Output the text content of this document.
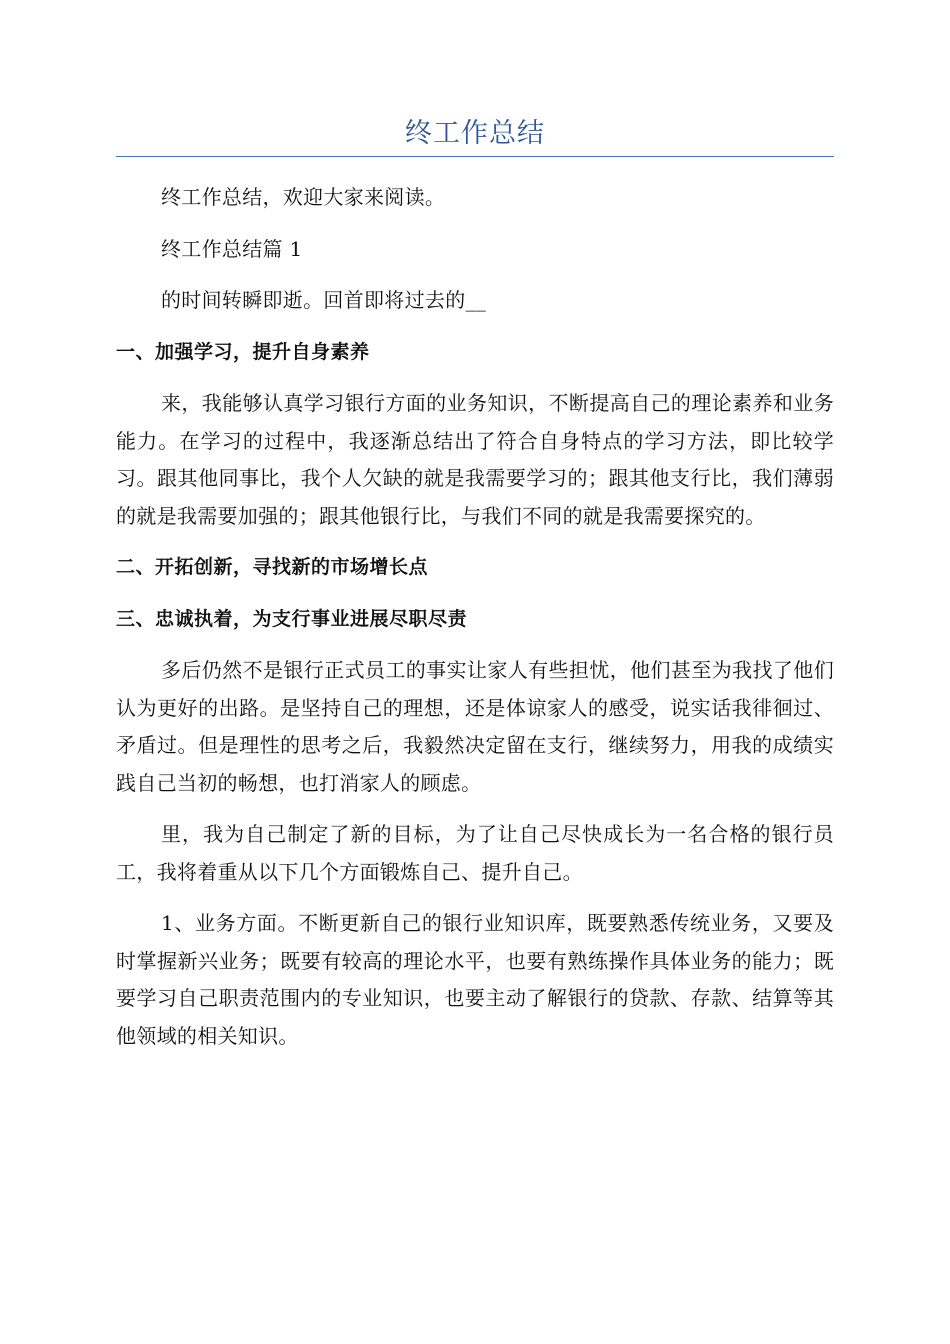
终工作总结

终工作总结，欢迎大家来阅读。

终工作总结篇 1

的时间转瞬即逝。回首即将过去的__

一、加强学习，提升自身素养

来，我能够认真学习银行方面的业务知识，不断提高自己的理论素养和业务能力。在学习的过程中，我逐渐总结出了符合自身特点的学习方法，即比较学习。跟其他同事比，我个人欠缺的就是我需要学习的；跟其他支行比，我们薄弱的就是我需要加强的；跟其他银行比，与我们不同的就是我需要探究的。

二、开拓创新，寻找新的市场增长点

三、忠诚执着，为支行事业进展尽职尽责

多后仍然不是银行正式员工的事实让家人有些担忧，他们甚至为我找了他们认为更好的出路。是坚持自己的理想，还是体谅家人的感受，说实话我徘徊过、矛盾过。但是理性的思考之后，我毅然决定留在支行，继续努力，用我的成绩实践自己当初的畅想，也打消家人的顾虑。

里，我为自己制定了新的目标，为了让自己尽快成长为一名合格的银行员工，我将着重从以下几个方面锻炼自己、提升自己。

1、业务方面。不断更新自己的银行业知识库，既要熟悉传统业务，又要及时掌握新兴业务；既要有较高的理论水平，也要有熟练操作具体业务的能力；既要学习自己职责范围内的专业知识，也要主动了解银行的贷款、存款、结算等其他领域的相关知识。
